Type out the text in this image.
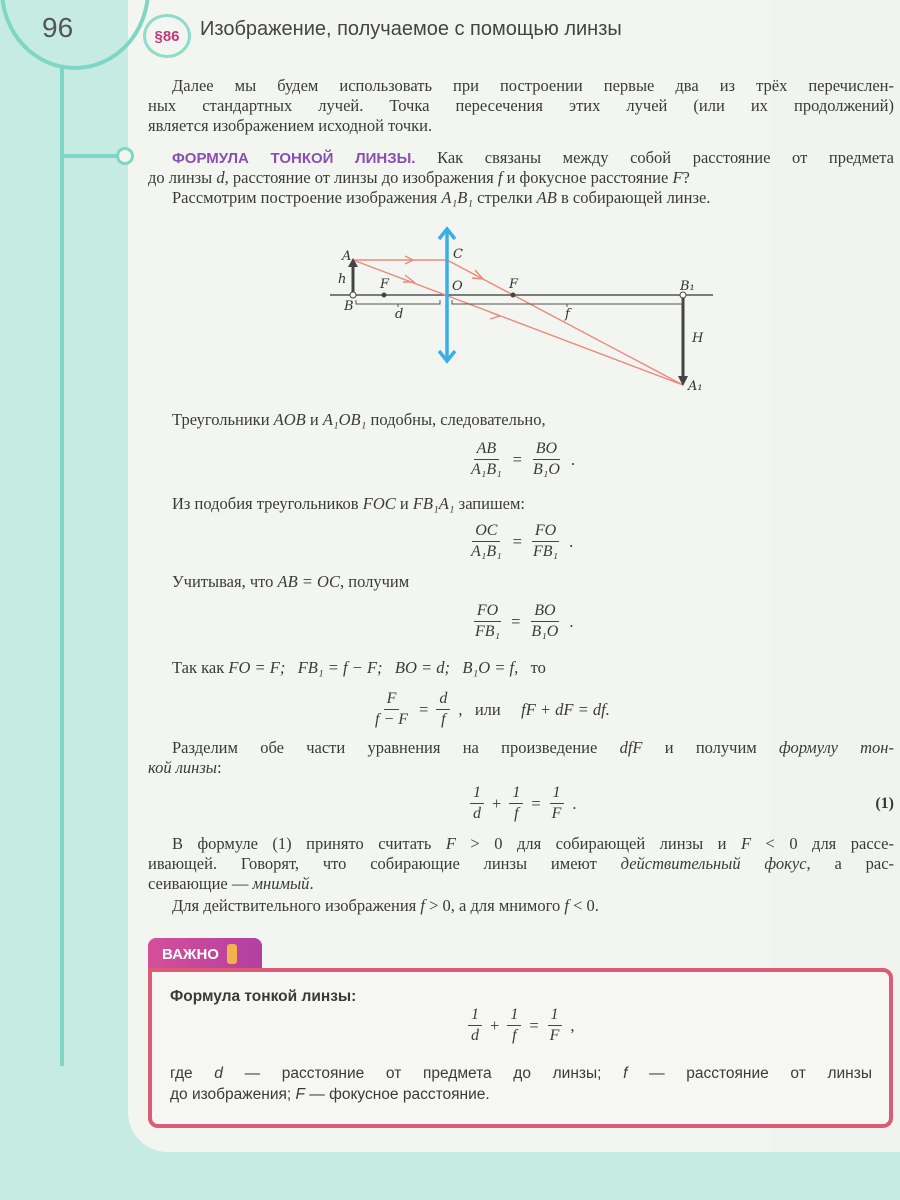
96	§86	Изображение, получаемое с помощью линзы
Далее мы будем использовать при построении первые два из трёх перечислен-
ных стандартных лучей. Точка пересечения этих лучей (или их продолжений)
является изображением исходной точки.
ФОРМУЛА ТОНКОЙ ЛИНЗЫ. Как связаны между собой расстояние от предмета
до линзы d, расстояние от линзы до изображения f и фокусное расстояние F?
Рассмотрим построение изображения A₁B₁ стрелки AB в собирающей линзе.
A
B
C
O
F	F	B₁
A₁
h
H
d	f
Треугольники AOB и A₁OB₁ подобны, следовательно,
$\frac{AB}{\text{A₁B₁}} = \frac{BO}{\text{B₁O}}$ .
Из подобия треугольников FOC и FB₁A₁ запишем:
$\frac{OC}{\text{A₁B₁}} = \frac{FO}{\text{FB₁}}$ .
Учитывая, что AB = OC, получим
$\frac{FO}{\text{FB₁}} = \frac{BO}{\text{B₁O}}$ .
Так как FO = F;   FB₁ = f − F;   BO = d;   B₁O = f,   то
$\frac{F}{f - F} = \frac{d}{f}$ ,   или fF + dF = df.
Разделим обе части уравнения на произведение dfF и получим формулу тон-
кой линзы:
$\frac{1}{d} + \frac{1}{f} = \frac{1}{F}$ .	(1)
В формуле (1) принято считать F > 0 для собирающей линзы и F < 0 для рассе-
ивающей. Говорят, что собирающие линзы имеют действительный фокус, а рас-
сеивающие — мнимый.
Для действительного изображения f > 0, а для мнимого f < 0.
ВАЖНО
Формула тонкой линзы:
$\frac{1}{d} + \frac{1}{f} = \frac{1}{F}$ ,
где d — расстояние от предмета до линзы; f — расстояние от линзы
до изображения; F — фокусное расстояние.
